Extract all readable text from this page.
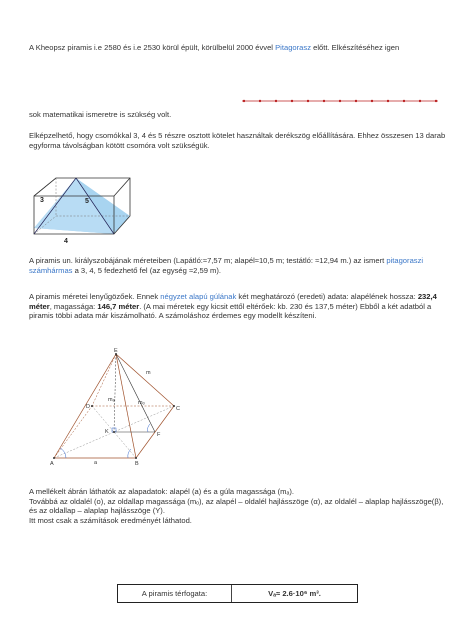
A Kheopsz piramis i.e 2580 és i.e 2530 körül épült, körülbelül 2000 évvel Pitagorasz előtt. Elkészítéséhez igen

sok matematikai ismeretre is szükség volt.

Elképzelhető, hogy csomókkal 3, 4 és 5 részre osztott kötelet használtak derékszög előállítására. Ehhez összesen 13 darab egyforma távolságban kötött csomóra volt szükségük.

3	5
4

A piramis un. királyszobájának méreteiben (Lapátló:≈7,57 m; alapél≈10,5 m; testátló: ≈12,94 m.) az ismert pitagoraszi számhármas a 3, 4, 5 fedezhető fel (az egység ≈2,59 m).

A piramis méretei lenyűgözőek. Ennek négyzet alapú gúlának két meghatározó (eredeti) adata: alapélének hossza: 232,4 méter, magassága: 146,7 méter. (A mai méretek egy kicsit ettől eltérőek: kb. 230 és 137,5 méter) Ebből a két adatból a piramis többi adata már kiszámolható. A számoláshoz érdemes egy modellt készíteni.

E
D	C
A	B
K	F
a
mₐ	mₒ
m

A mellékelt ábrán láthatók az alapadatok: alapél (a) és a gúla magassága (mₐ).
Továbbá az oldalél (o), az oldallap magassága (mₒ), az alapél – oldalél hajlásszöge (α), az oldalél – alaplap hajlásszöge(β), és az oldallap – alaplap hajlásszöge (Υ).
Itt most csak a számítások eredményét láthatod.

A piramis térfogata:	Vₐ≈ 2.6·10⁶ m³.
